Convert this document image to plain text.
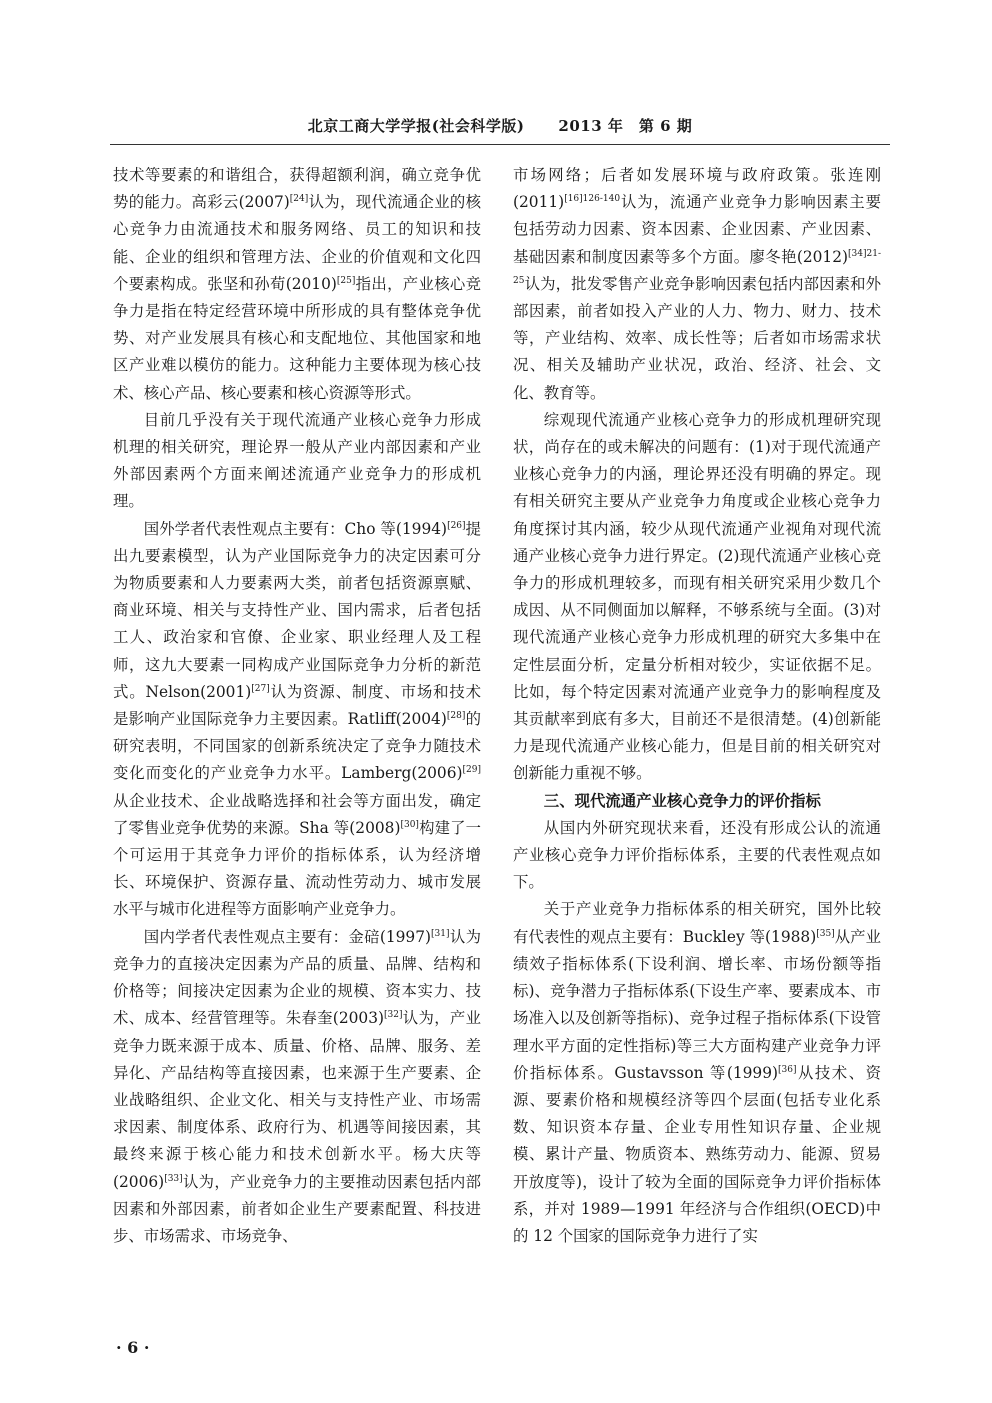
北京工商大学学报(社会科学版) 2013 年　第 6 期

技术等要素的和谐组合，获得超额利润，确立竞争优势的能力。高彩云(2007)[24]认为，现代流通企业的核心竞争力由流通技术和服务网络、员工的知识和技能、企业的组织和管理方法、企业的价值观和文化四个要素构成。张坚和孙荀(2010)[25]指出，产业核心竞争力是指在特定经营环境中所形成的具有整体竞争优势、对产业发展具有核心和支配地位、其他国家和地区产业难以模仿的能力。这种能力主要体现为核心技术、核心产品、核心要素和核心资源等形式。

目前几乎没有关于现代流通产业核心竞争力形成机理的相关研究，理论界一般从产业内部因素和产业外部因素两个方面来阐述流通产业竞争力的形成机理。

国外学者代表性观点主要有：Cho 等(1994)[26]提出九要素模型，认为产业国际竞争力的决定因素可分为物质要素和人力要素两大类，前者包括资源禀赋、商业环境、相关与支持性产业、国内需求，后者包括工人、政治家和官僚、企业家、职业经理人及工程师，这九大要素一同构成产业国际竞争力分析的新范式。Nelson(2001)[27]认为资源、制度、市场和技术是影响产业国际竞争力主要因素。Ratliff(2004)[28]的研究表明，不同国家的创新系统决定了竞争力随技术变化而变化的产业竞争力水平。Lamberg(2006)[29]从企业技术、企业战略选择和社会等方面出发，确定了零售业竞争优势的来源。Sha 等(2008)[30]构建了一个可运用于其竞争力评价的指标体系，认为经济增长、环境保护、资源存量、流动性劳动力、城市发展水平与城市化进程等方面影响产业竞争力。

国内学者代表性观点主要有：金碚(1997)[31]认为竞争力的直接决定因素为产品的质量、品牌、结构和价格等；间接决定因素为企业的规模、资本实力、技术、成本、经营管理等。朱春奎(2003)[32]认为，产业竞争力既来源于成本、质量、价格、品牌、服务、差异化、产品结构等直接因素，也来源于生产要素、企业战略组织、企业文化、相关与支持性产业、市场需求因素、制度体系、政府行为、机遇等间接因素，其最终来源于核心能力和技术创新水平。杨大庆等(2006)[33]认为，产业竞争力的主要推动因素包括内部因素和外部因素，前者如企业生产要素配置、科技进步、市场需求、市场竞争、

市场网络；后者如发展环境与政府政策。张连刚(2011)$^{[16]126-140}$认为，流通产业竞争力影响因素主要包括劳动力因素、资本因素、企业因素、产业因素、基础因素和制度因素等多个方面。廖冬艳(2012)$^{[34]21-25}$认为，批发零售产业竞争影响因素包括内部因素和外部因素，前者如投入产业的人力、物力、财力、技术等，产业结构、效率、成长性等；后者如市场需求状况、相关及辅助产业状况，政治、经济、社会、文化、教育等。

综观现代流通产业核心竞争力的形成机理研究现状，尚存在的或未解决的问题有：(1)对于现代流通产业核心竞争力的内涵，理论界还没有明确的界定。现有相关研究主要从产业竞争力角度或企业核心竞争力角度探讨其内涵，较少从现代流通产业视角对现代流通产业核心竞争力进行界定。(2)现代流通产业核心竞争力的形成机理较多，而现有相关研究采用少数几个成因、从不同侧面加以解释，不够系统与全面。(3)对现代流通产业核心竞争力形成机理的研究大多集中在定性层面分析，定量分析相对较少，实证依据不足。比如，每个特定因素对流通产业竞争力的影响程度及其贡献率到底有多大，目前还不是很清楚。(4)创新能力是现代流通产业核心能力，但是目前的相关研究对创新能力重视不够。

三、现代流通产业核心竞争力的评价指标

从国内外研究现状来看，还没有形成公认的流通产业核心竞争力评价指标体系，主要的代表性观点如下。

关于产业竞争力指标体系的相关研究，国外比较有代表性的观点主要有：Buckley 等(1988)[35]从产业绩效子指标体系(下设利润、增长率、市场份额等指标)、竞争潜力子指标体系(下设生产率、要素成本、市场准入以及创新等指标)、竞争过程子指标体系(下设管理水平方面的定性指标)等三大方面构建产业竞争力评价指标体系。Gustavsson 等(1999)[36]从技术、资源、要素价格和规模经济等四个层面(包括专业化系数、知识资本存量、企业专用性知识存量、企业规模、累计产量、物质资本、熟练劳动力、能源、贸易开放度等)，设计了较为全面的国际竞争力评价指标体系，并对 1989—1991 年经济与合作组织(OECD)中的 12 个国家的国际竞争力进行了实

· 6 ·
